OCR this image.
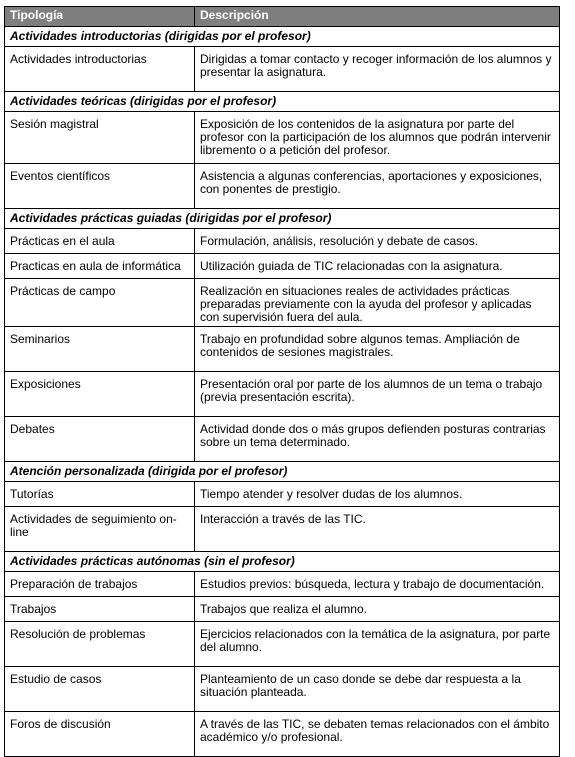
Tipología	Descripción
Actividades introductorias (dirigidas por el profesor)	
Actividades introductorias	Dirigidas a tomar contacto y recoger información de los alumnos y presentar la asignatura.
Actividades teóricas (dirigidas por el profesor)	
Sesión magistral	Exposición de los contenidos de la asignatura por parte del profesor con la participación de los alumnos que podrán intervenir libremento o a petición del profesor.
Eventos científicos	Asistencia a algunas conferencias, aportaciones y exposiciones, con ponentes de prestigio.
Actividades prácticas guiadas (dirigidas por el profesor)	
Prácticas en el aula	Formulación, análisis, resolución y debate de casos.
Practicas en aula de informática	Utilización guiada de TIC relacionadas con la asignatura.
Prácticas de campo	Realización en situaciones reales de actividades prácticas preparadas previamente con la ayuda del profesor y aplicadas con supervisión fuera del aula.
Seminarios	Trabajo en profundidad sobre algunos temas. Ampliación de contenidos de sesiones magistrales.
Exposiciones	Presentación oral por parte de los alumnos de un tema o trabajo (previa presentación escrita).
Debates	Actividad donde dos o más grupos defienden posturas contrarias sobre un tema determinado.
Atención personalizada (dirigida por el profesor)	
Tutorías	Tiempo atender y resolver dudas de los alumnos.
Actividades de seguimiento on-line	Interacción a través de las TIC.
Actividades prácticas autónomas (sin el profesor)	
Preparación de trabajos	Estudios previos: búsqueda, lectura y trabajo de documentación.
Trabajos	Trabajos que realiza el alumno.
Resolución de problemas	Ejercicios relacionados con la temática de la asignatura, por parte del alumno.
Estudio de casos	Planteamiento de un caso donde se debe dar respuesta a la situación planteada.
Foros de discusión	A través de las TIC, se debaten temas relacionados con el ámbito académico y/o profesional.
